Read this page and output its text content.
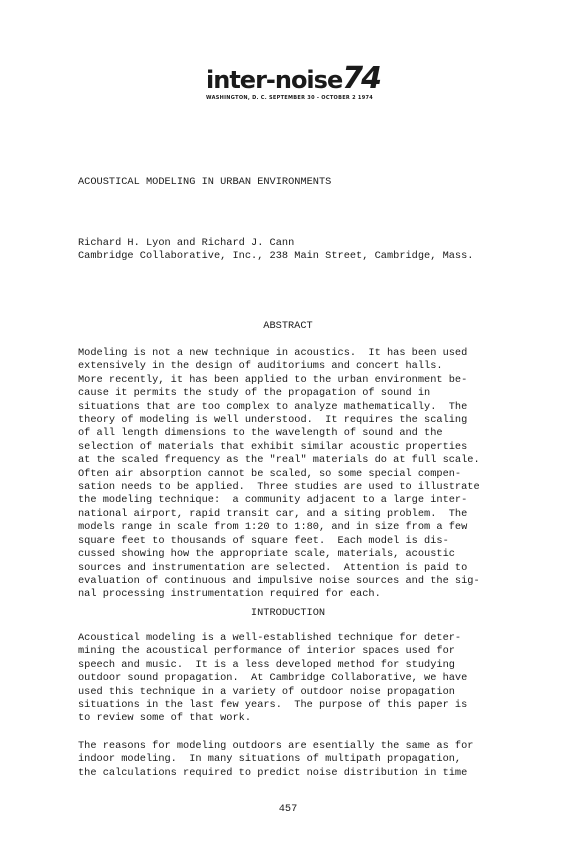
inter-noise74
WASHINGTON, D. C. SEPTEMBER 30 - OCTOBER 2 1974
ACOUSTICAL MODELING IN URBAN ENVIRONMENTS
Richard H. Lyon and Richard J. Cann
Cambridge Collaborative, Inc., 238 Main Street, Cambridge, Mass.
ABSTRACT
Modeling is not a new technique in acoustics.  It has been used
extensively in the design of auditoriums and concert halls.
More recently, it has been applied to the urban environment be-
cause it permits the study of the propagation of sound in
situations that are too complex to analyze mathematically.  The
theory of modeling is well understood.  It requires the scaling
of all length dimensions to the wavelength of sound and the
selection of materials that exhibit similar acoustic properties
at the scaled frequency as the "real" materials do at full scale.
Often air absorption cannot be scaled, so some special compen-
sation needs to be applied.  Three studies are used to illustrate
the modeling technique:  a community adjacent to a large inter-
national airport, rapid transit car, and a siting problem.  The
models range in scale from 1:20 to 1:80, and in size from a few
square feet to thousands of square feet.  Each model is dis-
cussed showing how the appropriate scale, materials, acoustic
sources and instrumentation are selected.  Attention is paid to
evaluation of continuous and impulsive noise sources and the sig-
nal processing instrumentation required for each.
INTRODUCTION
Acoustical modeling is a well-established technique for deter-
mining the acoustical performance of interior spaces used for
speech and music.  It is a less developed method for studying
outdoor sound propagation.  At Cambridge Collaborative, we have
used this technique in a variety of outdoor noise propagation
situations in the last few years.  The purpose of this paper is
to review some of that work.
The reasons for modeling outdoors are esentially the same as for
indoor modeling.  In many situations of multipath propagation,
the calculations required to predict noise distribution in time
457
